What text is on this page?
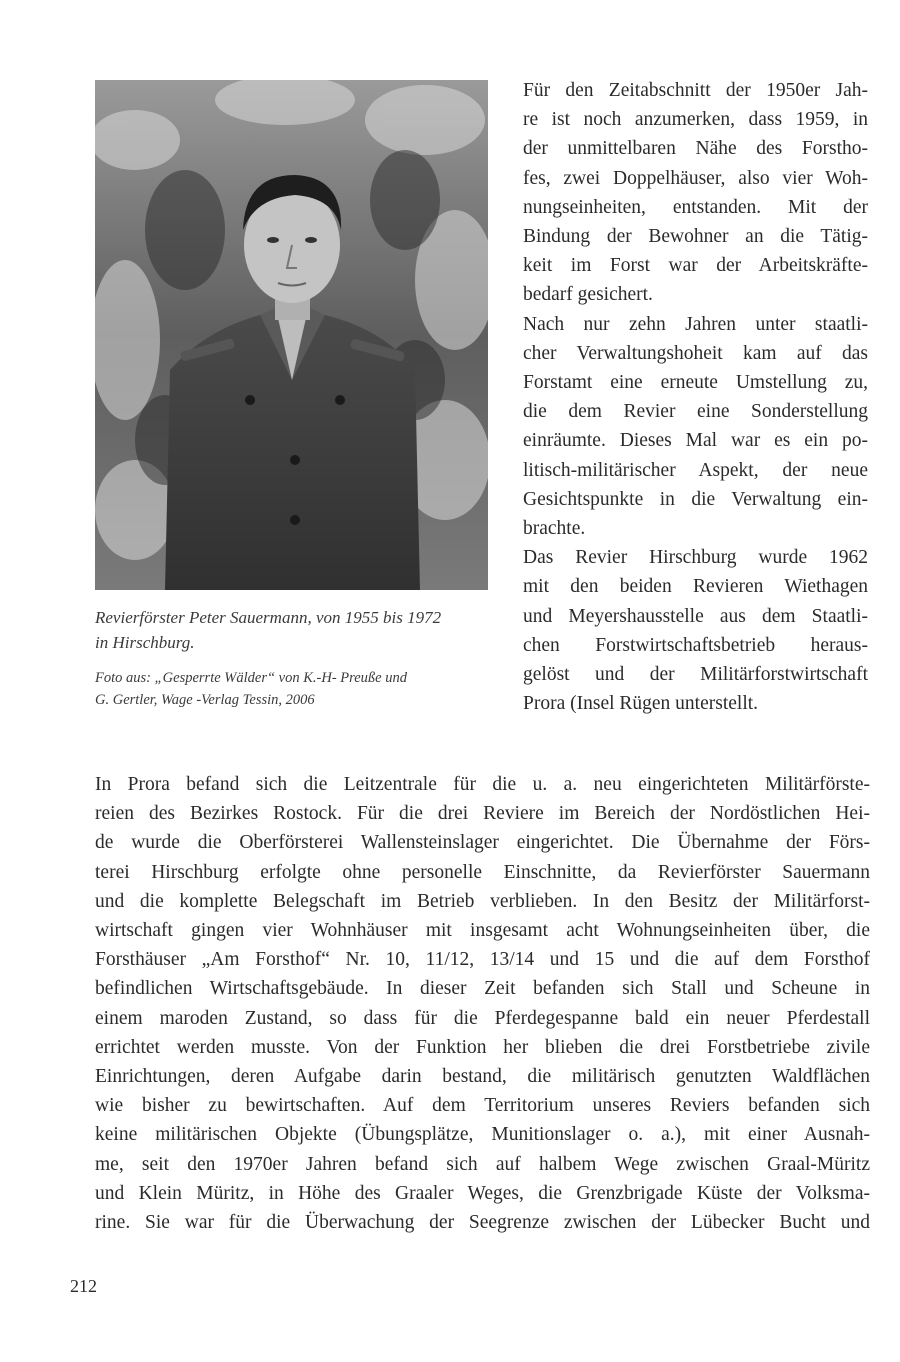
Revierförster Peter Sauermann, von 1955 bis 1972
in Hirschburg.

Foto aus: „Gesperrte Wälder“ von K.-H- Preuße und
G. Gertler, Wage -Verlag Tessin, 2006

Für den Zeitabschnitt der 1950er Jah-
re ist noch anzumerken, dass 1959, in
der unmittelbaren Nähe des Forstho-
fes, zwei Doppelhäuser, also vier Woh-
nungseinheiten, entstanden. Mit der
Bindung der Bewohner an die Tätig-
keit im Forst war der Arbeitskräfte-
bedarf gesichert.
Nach nur zehn Jahren unter staatli-
cher Verwaltungshoheit kam auf das
Forstamt eine erneute Umstellung zu,
die dem Revier eine Sonderstellung
einräumte. Dieses Mal war es ein po-
litisch-militärischer Aspekt, der neue
Gesichtspunkte in die Verwaltung ein-
brachte.
Das Revier Hirschburg wurde 1962
mit den beiden Revieren Wiethagen
und Meyershausstelle aus dem Staatli-
chen Forstwirtschaftsbetrieb heraus-
gelöst und der Militärforstwirtschaft
Prora (Insel Rügen unterstellt.
In Prora befand sich die Leitzentrale für die u. a. neu eingerichteten Militärförste-
reien des Bezirkes Rostock. Für die drei Reviere im Bereich der Nordöstlichen Hei-
de wurde die Oberförsterei Wallensteinslager eingerichtet. Die Übernahme der Förs-
terei Hirschburg erfolgte ohne personelle Einschnitte, da Revierförster Sauermann
und die komplette Belegschaft im Betrieb verblieben. In den Besitz der Militärforst-
wirtschaft gingen vier Wohnhäuser mit insgesamt acht Wohnungseinheiten über, die
Forsthäuser „Am Forsthof“ Nr. 10, 11/12, 13/14 und 15 und die auf dem Forsthof
befindlichen Wirtschaftsgebäude. In dieser Zeit befanden sich Stall und Scheune in
einem maroden Zustand, so dass für die Pferdegespanne bald ein neuer Pferdestall
errichtet werden musste. Von der Funktion her blieben die drei Forstbetriebe zivile
Einrichtungen, deren Aufgabe darin bestand, die militärisch genutzten Waldflächen
wie bisher zu bewirtschaften. Auf dem Territorium unseres Reviers befanden sich
keine militärischen Objekte (Übungsplätze, Munitionslager o. a.), mit einer Ausnah-
me, seit den 1970er Jahren befand sich auf halbem Wege zwischen Graal-Müritz
und Klein Müritz, in Höhe des Graaler Weges, die Grenzbrigade Küste der Volksma-
rine. Sie war für die Überwachung der Seegrenze zwischen der Lübecker Bucht und
212
